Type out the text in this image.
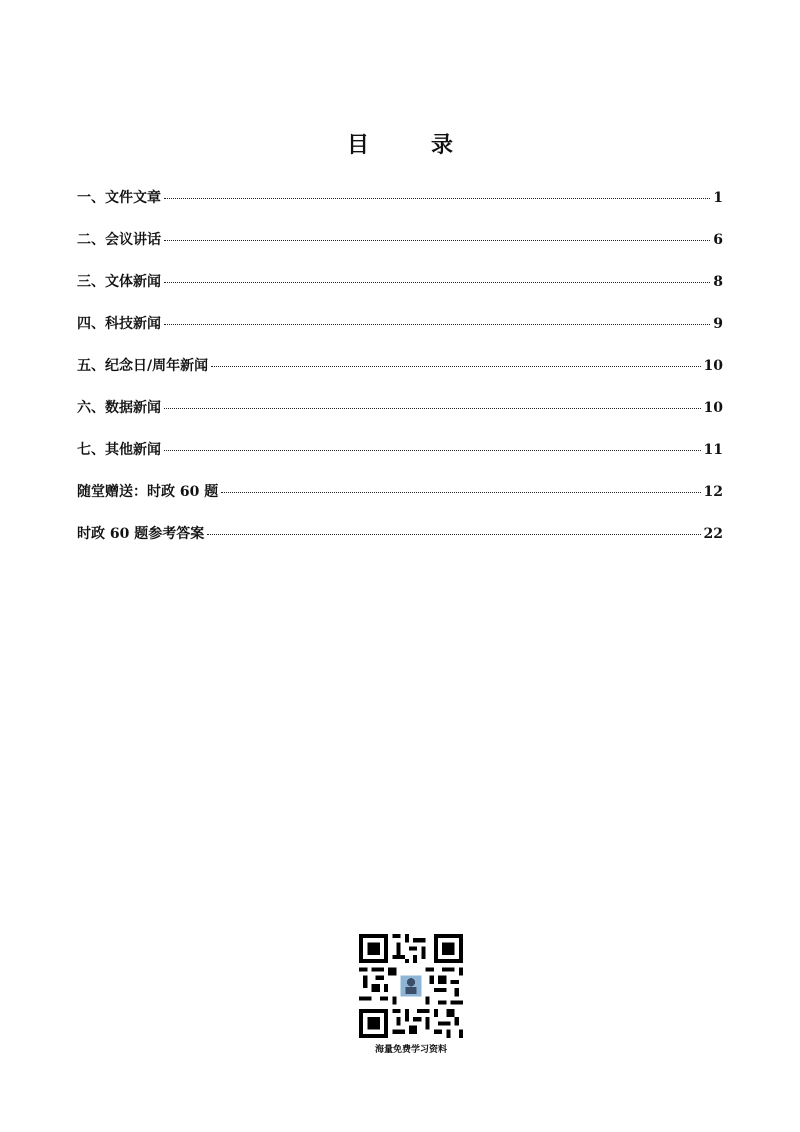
目　录
一、文件文章	1
二、会议讲话	6
三、文体新闻	8
四、科技新闻	9
五、纪念日/周年新闻	10
六、数据新闻	10
七、其他新闻	11
随堂赠送：时政 60 题	12
时政 60 题参考答案	22
海量免费学习资料
